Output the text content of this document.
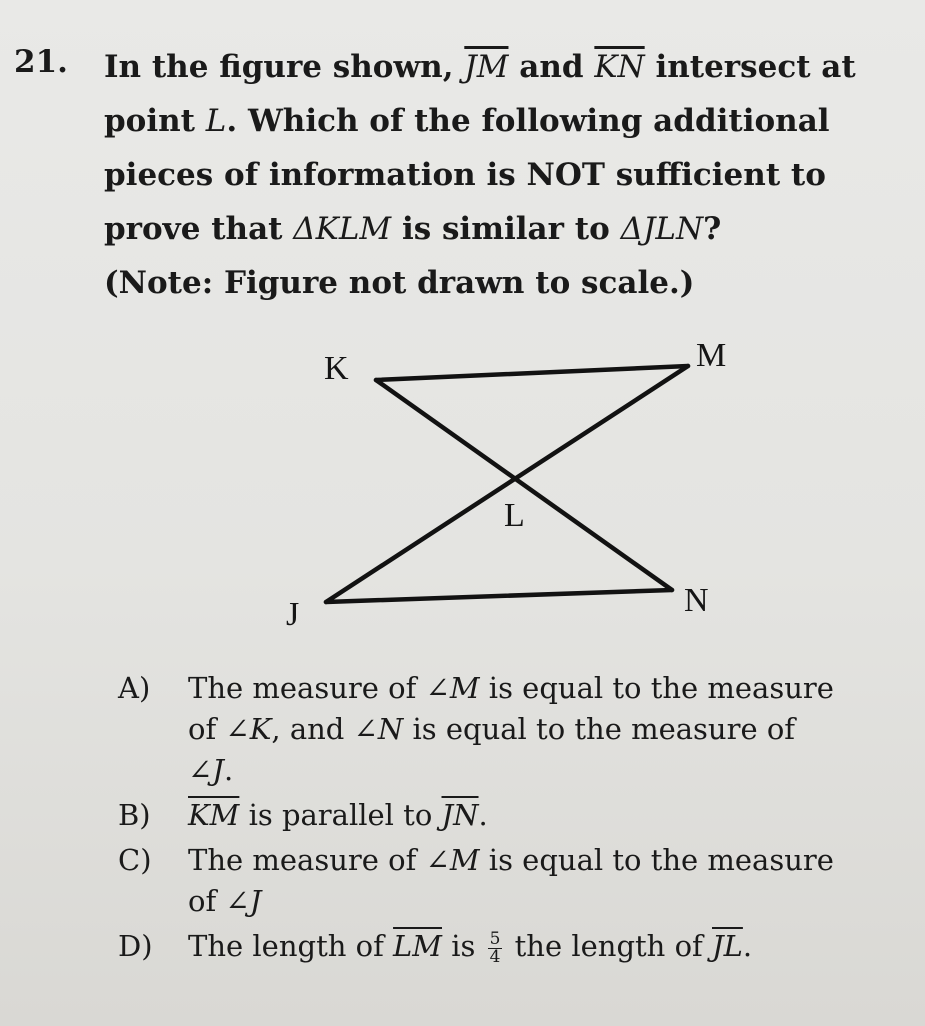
21. In the figure shown, $\overline{JM}$ and $\overline{KN}$ intersect at
point L. Which of the following additional
pieces of information is NOT sufficient to
prove that ΔKLM is similar to ΔJLN?
(Note: Figure not drawn to scale.)
K	M
L
J	N
A) The measure of ∠M is equal to the measure
of ∠K, and ∠N is equal to the measure of
∠J.
B) $\overline{KM}$ is parallel to $\overline{JN}$.
C) The measure of ∠M is equal to the measure
of ∠J
D) The length of $\overline{LM}$ is $\frac{5}{4}$ the length of $\overline{JL}$.
